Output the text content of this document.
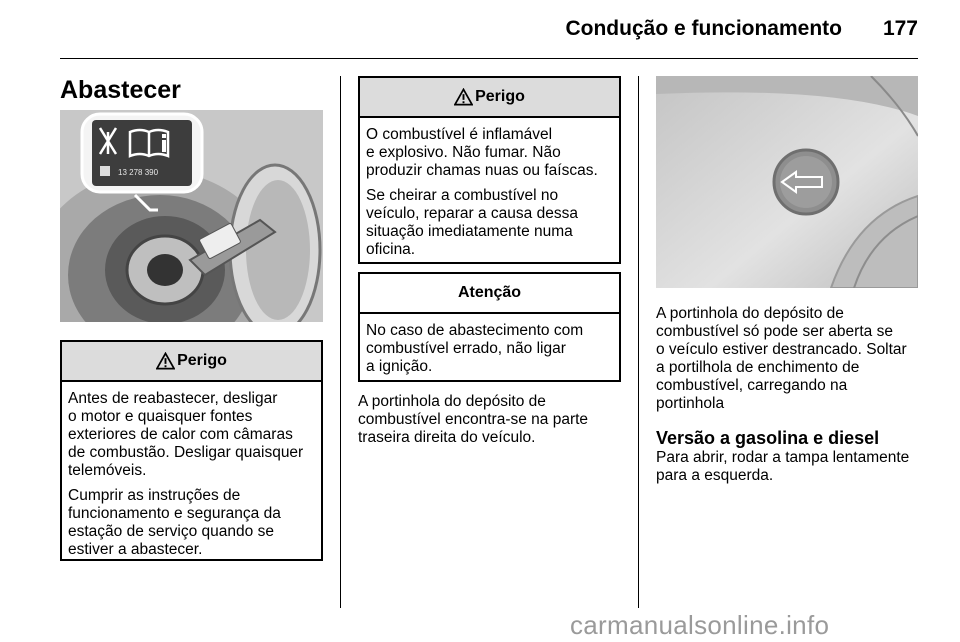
Condução e funcionamento	177
Abastecer
13 278 390
Perigo

Antes de reabastecer, desligar
o motor e quaisquer fontes
exteriores de calor com câmaras
de combustão. Desligar quaisquer
telemóveis.

Cumprir as instruções de
funcionamento e segurança da
estação de serviço quando se
estiver a abastecer.

Perigo

O combustível é inflamável
e explosivo. Não fumar. Não
produzir chamas nuas ou faíscas.

Se cheirar a combustível no
veículo, reparar a causa dessa
situação imediatamente numa
oficina.

Atenção

No caso de abastecimento com
combustível errado, não ligar
a ignição.

A portinhola do depósito de
combustível encontra-se na parte
traseira direita do veículo.

A portinhola do depósito de
combustível só pode ser aberta se
o veículo estiver destrancado. Soltar
a portilhola de enchimento de
combustível, carregando na
portinhola

Versão a gasolina e diesel

Para abrir, rodar a tampa lentamente
para a esquerda.

carmanualsonline.info
